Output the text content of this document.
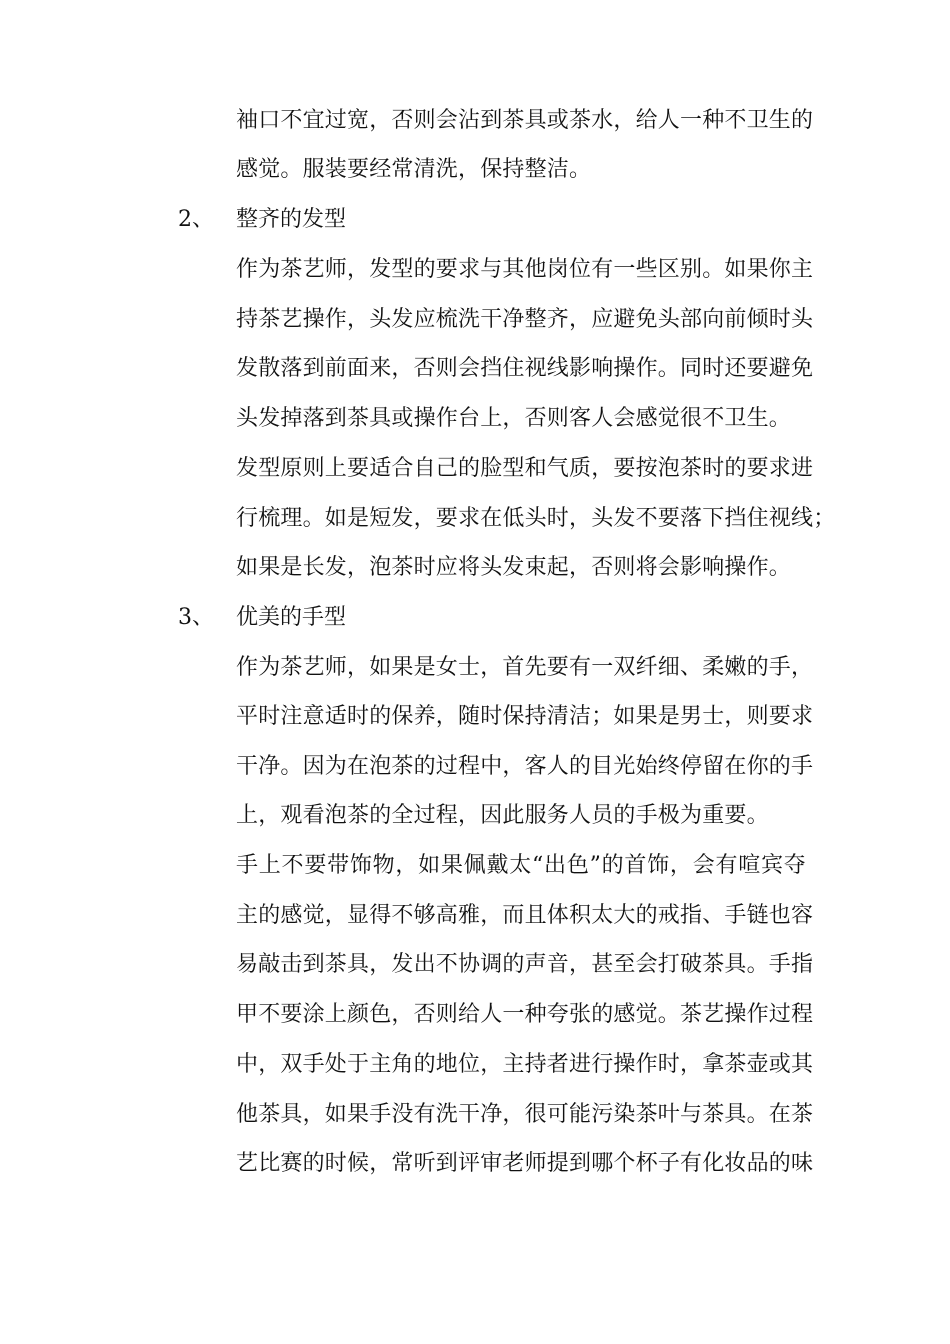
袖口不宜过宽，否则会沾到茶具或茶水，给人一种不卫生的
感觉。服装要经常清洗，保持整洁。
2、 整齐的发型
作为茶艺师，发型的要求与其他岗位有一些区别。如果你主
持茶艺操作，头发应梳洗干净整齐，应避免头部向前倾时头
发散落到前面来，否则会挡住视线影响操作。同时还要避免
头发掉落到茶具或操作台上，否则客人会感觉很不卫生。
发型原则上要适合自己的脸型和气质，要按泡茶时的要求进
行梳理。如是短发，要求在低头时，头发不要落下挡住视线；
如果是长发，泡茶时应将头发束起，否则将会影响操作。
3、 优美的手型
作为茶艺师，如果是女士，首先要有一双纤细、柔嫩的手，
平时注意适时的保养，随时保持清洁；如果是男士，则要求
干净。因为在泡茶的过程中，客人的目光始终停留在你的手
上，观看泡茶的全过程，因此服务人员的手极为重要。
手上不要带饰物，如果佩戴太“出色”的首饰，会有喧宾夺
主的感觉，显得不够高雅，而且体积太大的戒指、手链也容
易敲击到茶具，发出不协调的声音，甚至会打破茶具。手指
甲不要涂上颜色，否则给人一种夸张的感觉。茶艺操作过程
中，双手处于主角的地位，主持者进行操作时，拿茶壶或其
他茶具，如果手没有洗干净，很可能污染茶叶与茶具。在茶
艺比赛的时候，常听到评审老师提到哪个杯子有化妆品的味
